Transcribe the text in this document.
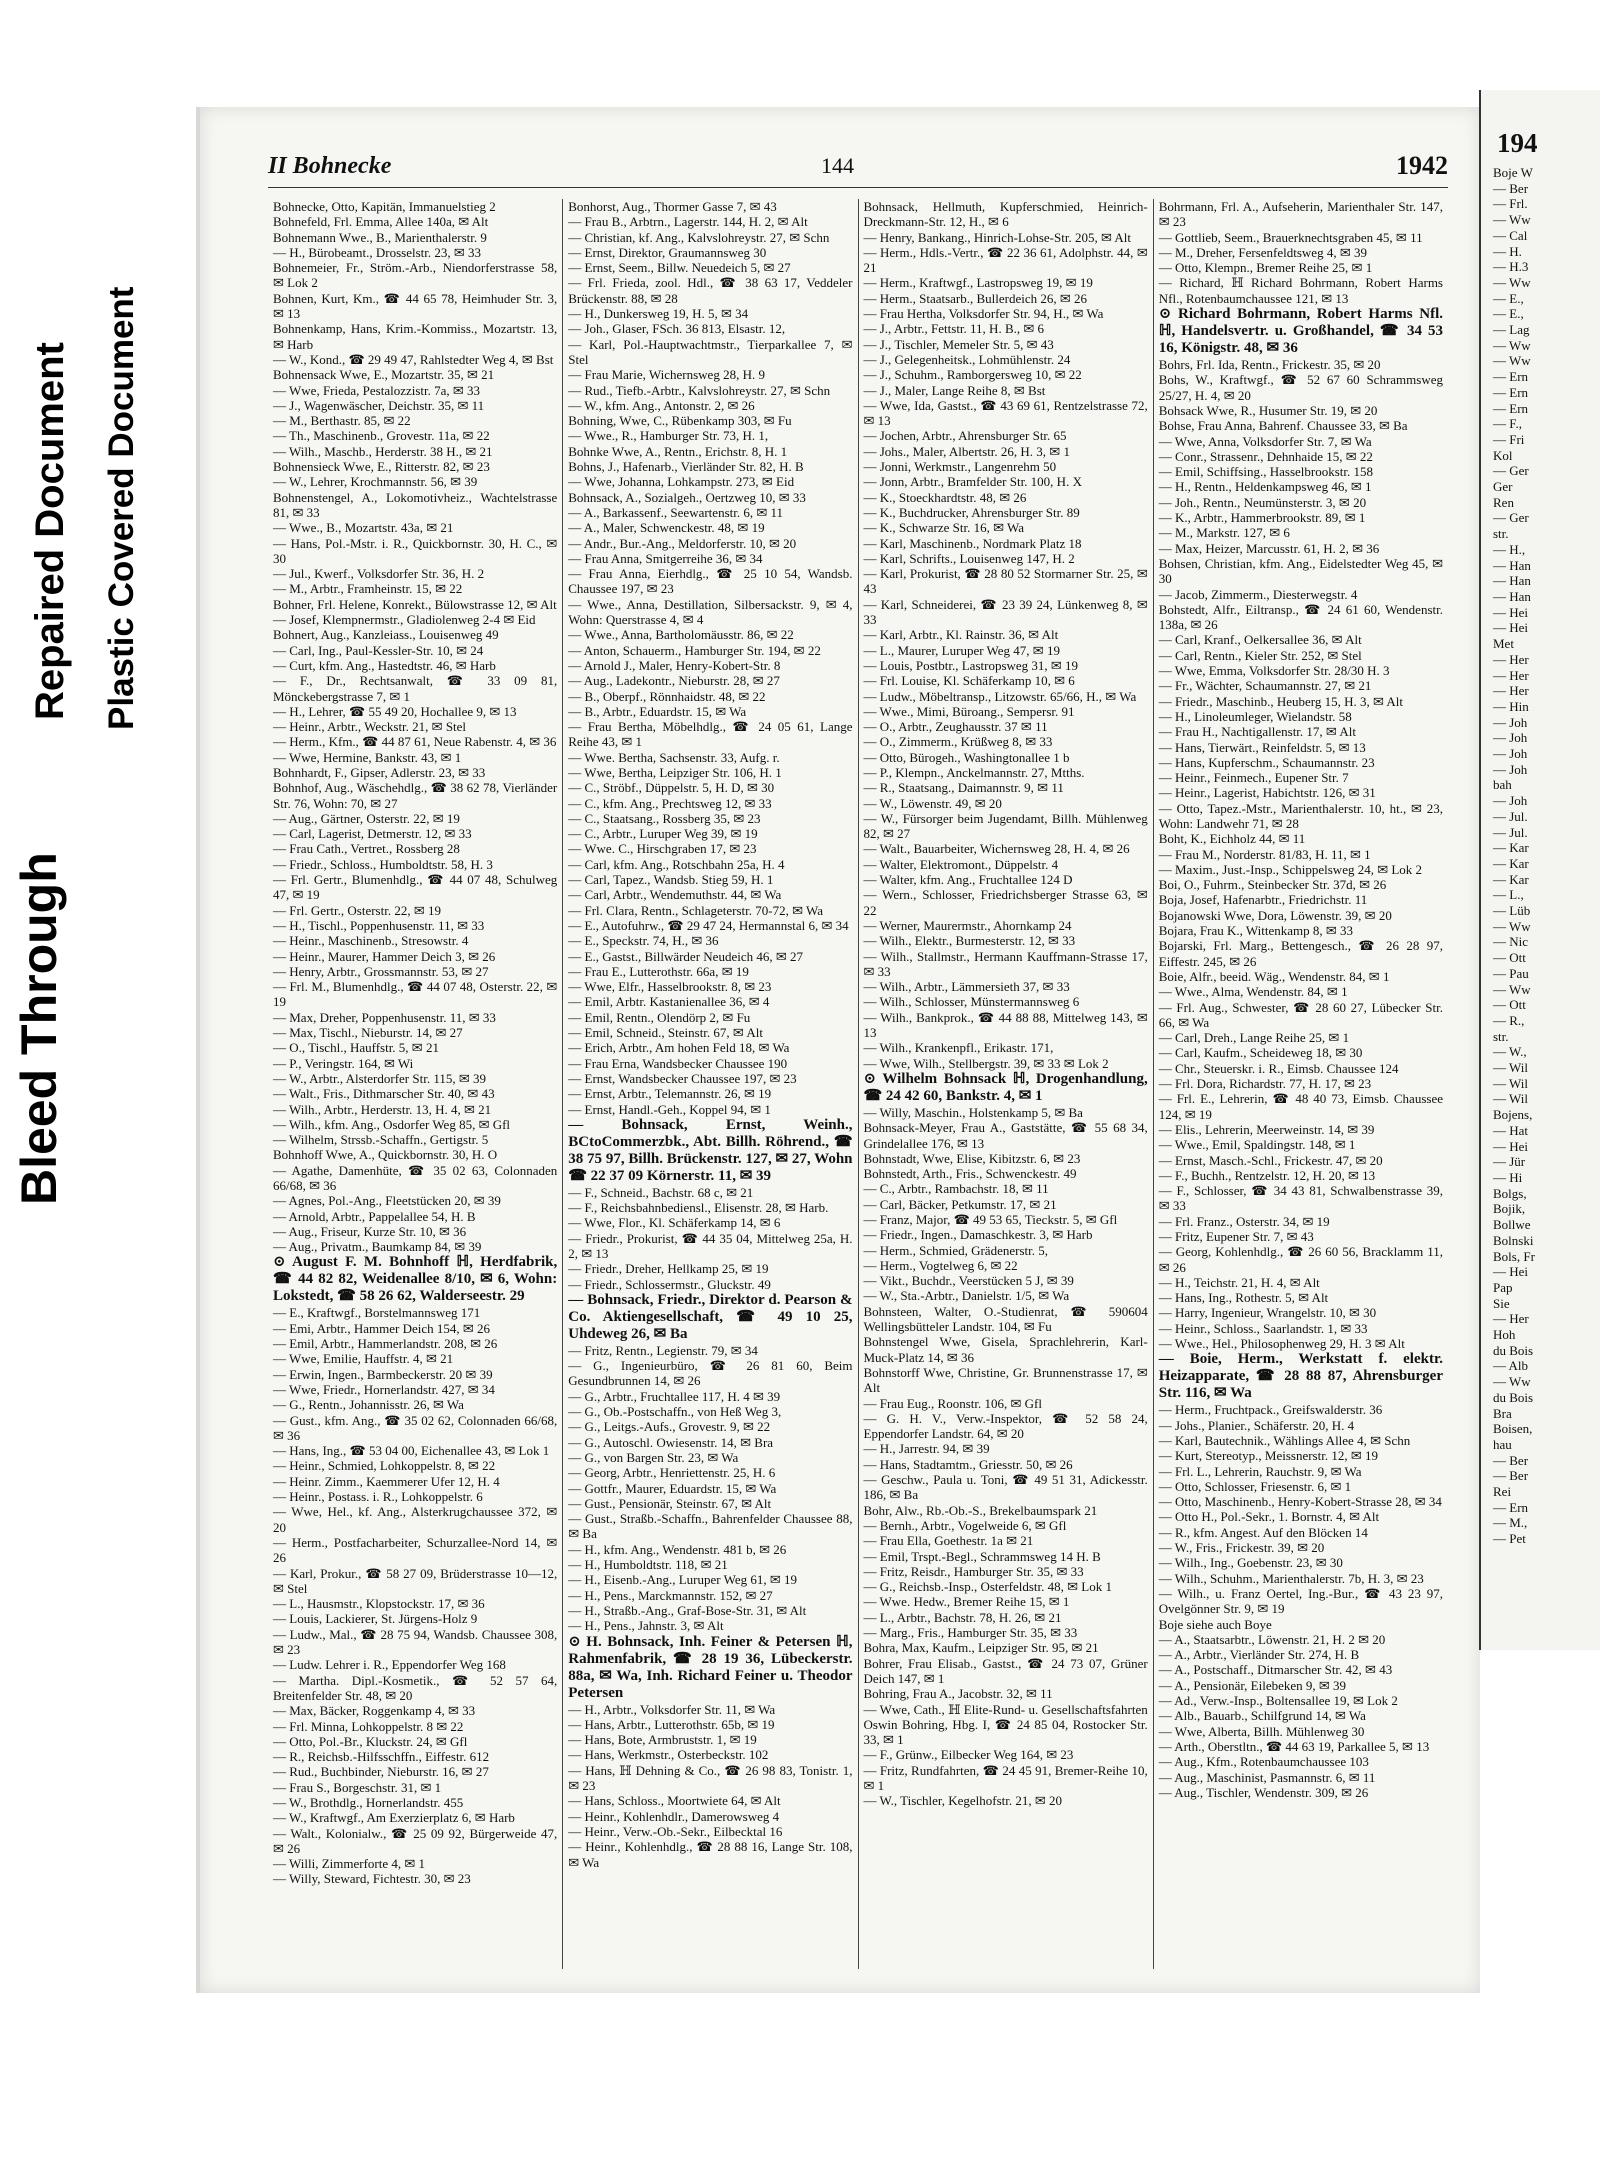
Bleed Through
Repaired Document Plastic Covered Document
II Bohnecke	144	1942

Bohnecke, Otto, Kapitän, Immanuelstieg 2

Bohnefeld, Frl. Emma, Allee 140a, ✉ Alt

Bohnemann Wwe., B., Marienthalerstr. 9

— H., Bürobeamt., Drosselstr. 23, ✉ 33

Bohnemeier, Fr., Ström.-Arb., Niendorferstrasse 58, ✉ Lok 2

Bohnen, Kurt, Km., ☎ 44 65 78, Heimhuder Str. 3, ✉ 13

Bohnenkamp, Hans, Krim.-Kommiss., Mozartstr. 13, ✉ Harb

— W., Kond., ☎ 29 49 47, Rahlstedter Weg 4, ✉ Bst

Bohnensack Wwe, E., Mozartstr. 35, ✉ 21

— Wwe, Frieda, Pestalozzistr. 7a, ✉ 33

— J., Wagenwäscher, Deichstr. 35, ✉ 11

— M., Berthastr. 85, ✉ 22

— Th., Maschinenb., Grovestr. 11a, ✉ 22

— Wilh., Maschb., Herderstr. 38 H., ✉ 21

Bohnensieck Wwe, E., Ritterstr. 82, ✉ 23

— W., Lehrer, Krochmannstr. 56, ✉ 39

Bohnenstengel, A., Lokomotivheiz., Wachtelstrasse 81, ✉ 33

— Wwe., B., Mozartstr. 43a, ✉ 21

— Hans, Pol.-Mstr. i. R., Quickbornstr. 30, H. C., ✉ 30

— Jul., Kwerf., Volksdorfer Str. 36, H. 2

— M., Arbtr., Framheinstr. 15, ✉ 22

Bohner, Frl. Helene, Konrekt., Bülowstrasse 12, ✉ Alt

— Josef, Klempnermstr., Gladiolenweg 2-4 ✉ Eid

Bohnert, Aug., Kanzleiass., Louisenweg 49

— Carl, Ing., Paul-Kessler-Str. 10, ✉ 24

— Curt, kfm. Ang., Hastedtstr. 46, ✉ Harb

— F., Dr., Rechtsanwalt, ☎ 33 09 81, Mönckebergstrasse 7, ✉ 1

— H., Lehrer, ☎ 55 49 20, Hochallee 9, ✉ 13

— Heinr., Arbtr., Weckstr. 21, ✉ Stel

— Herm., Kfm., ☎ 44 87 61, Neue Rabenstr. 4, ✉ 36

— Wwe, Hermine, Bankstr. 43, ✉ 1

Bohnhardt, F., Gipser, Adlerstr. 23, ✉ 33

Bohnhof, Aug., Wäschehdlg., ☎ 38 62 78, Vierländer Str. 76, Wohn: 70, ✉ 27

— Aug., Gärtner, Osterstr. 22, ✉ 19

— Carl, Lagerist, Detmerstr. 12, ✉ 33

— Frau Cath., Vertret., Rossberg 28

— Friedr., Schloss., Humboldtstr. 58, H. 3

— Frl. Gertr., Blumenhdlg., ☎ 44 07 48, Schulweg 47, ✉ 19

— Frl. Gertr., Osterstr. 22, ✉ 19

— H., Tischl., Poppenhusenstr. 11, ✉ 33

— Heinr., Maschinenb., Stresowstr. 4

— Heinr., Maurer, Hammer Deich 3, ✉ 26

— Henry, Arbtr., Grossmannstr. 53, ✉ 27

— Frl. M., Blumenhdlg., ☎ 44 07 48, Osterstr. 22, ✉ 19

— Max, Dreher, Poppenhusenstr. 11, ✉ 33

— Max, Tischl., Nieburstr. 14, ✉ 27

— O., Tischl., Hauffstr. 5, ✉ 21

— P., Veringstr. 164, ✉ Wi

— W., Arbtr., Alsterdorfer Str. 115, ✉ 39

— Walt., Fris., Dithmarscher Str. 40, ✉ 43

— Wilh., Arbtr., Herderstr. 13, H. 4, ✉ 21

— Wilh., kfm. Ang., Osdorfer Weg 85, ✉ Gfl

— Wilhelm, Strssb.-Schaffn., Gertigstr. 5

Bohnhoff Wwe, A., Quickbornstr. 30, H. O

— Agathe, Damenhüte, ☎ 35 02 63, Colonnaden 66/68, ✉ 36

— Agnes, Pol.-Ang., Fleetstücken 20, ✉ 39

— Arnold, Arbtr., Pappelallee 54, H. B

— Aug., Friseur, Kurze Str. 10, ✉ 36

— Aug., Privatm., Baumkamp 84, ✉ 39

⊙ August F. M. Bohnhoff ℍ, Herdfabrik, ☎ 44 82 82, Weidenallee 8/10, ✉ 6, Wohn: Lokstedt, ☎ 58 26 62, Walderseestr. 29

— E., Kraftwgf., Borstelmannsweg 171

— Emi, Arbtr., Hammer Deich 154, ✉ 26

— Emil, Arbtr., Hammerlandstr. 208, ✉ 26

— Wwe, Emilie, Hauffstr. 4, ✉ 21

— Erwin, Ingen., Barmbeckerstr. 20 ✉ 39

— Wwe, Friedr., Hornerlandstr. 427, ✉ 34

— G., Rentn., Johannisstr. 26, ✉ Wa

— Gust., kfm. Ang., ☎ 35 02 62, Colonnaden 66/68, ✉ 36

— Hans, Ing., ☎ 53 04 00, Eichenallee 43, ✉ Lok 1

— Heinr., Schmied, Lohkoppelstr. 8, ✉ 22

— Heinr. Zimm., Kaemmerer Ufer 12, H. 4

— Heinr., Postass. i. R., Lohkoppelstr. 6

— Wwe, Hel., kf. Ang., Alsterkrugchaussee 372, ✉ 20

— Herm., Postfacharbeiter, Schurzalleе-Nord 14, ✉ 26

— Karl, Prokur., ☎ 58 27 09, Brüderstrasse 10—12, ✉ Stel

— L., Hausmstr., Klopstockstr. 17, ✉ 36

— Louis, Lackierer, St. Jürgens-Holz 9

— Ludw., Mal., ☎ 28 75 94, Wandsb. Chaussee 308, ✉ 23

— Ludw. Lehrer i. R., Eppendorfer Weg 168

— Martha. Dipl.-Kosmetik., ☎ 52 57 64, Breitenfelder Str. 48, ✉ 20

— Max, Bäcker, Roggenkamp 4, ✉ 33

— Frl. Minna, Lohkoppelstr. 8 ✉ 22

— Otto, Pol.-Br., Kluckstr. 24, ✉ Gfl

— R., Reichsb.-Hilfsschffn., Eiffestr. 612

— Rud., Buchbinder, Nieburstr. 16, ✉ 27

— Frau S., Borgeschstr. 31, ✉ 1

— W., Brothdlg., Hornerlandstr. 455

— W., Kraftwgf., Am Exerzierplatz 6, ✉ Harb

— Walt., Kolonialw., ☎ 25 09 92, Bürgerweide 47, ✉ 26

— Willi, Zimmerforte 4, ✉ 1

— Willy, Steward, Fichtestr. 30, ✉ 23

Bonhorst, Aug., Thormer Gasse 7, ✉ 43

— Frau B., Arbtrn., Lagerstr. 144, H. 2, ✉ Alt

— Christian, kf. Ang., Kalvslohreystr. 27, ✉ Schn

— Ernst, Direktor, Graumannsweg 30

— Ernst, Seem., Billw. Neuedeich 5, ✉ 27

— Frl. Frieda, zool. Hdl., ☎ 38 63 17, Veddeler Brückenstr. 88, ✉ 28

— H., Dunkersweg 19, H. 5, ✉ 34

— Joh., Glaser, FSch. 36 813, Elsastr. 12,

— Karl, Pol.-Hauptwachtmstr., Tierparkallee 7, ✉ Stel

— Frau Marie, Wichernsweg 28, H. 9

— Rud., Tiefb.-Arbtr., Kalvslohreystr. 27, ✉ Schn

— W., kfm. Ang., Antonstr. 2, ✉ 26

Bohning, Wwe, C., Rübenkamp 303, ✉ Fu

— Wwe., R., Hamburger Str. 73, H. 1,

Bohnke Wwe, A., Rentn., Erichstr. 8, H. 1

Bohns, J., Hafenarb., Vierländer Str. 82, H. B

— Wwe, Johanna, Lohkampstr. 273, ✉ Eid

Bohnsack, A., Sozialgeh., Oertzweg 10, ✉ 33

— A., Barkassenf., Seewartenstr. 6, ✉ 11

— A., Maler, Schwenckestr. 48, ✉ 19

— Andr., Bur.-Ang., Meldorferstr. 10, ✉ 20

— Frau Anna, Smitgerreihe 36, ✉ 34

— Frau Anna, Eierhdlg., ☎ 25 10 54, Wandsb. Chaussee 197, ✉ 23

— Wwe., Anna, Destillation, Silbersackstr. 9, ✉ 4, Wohn: Querstrasse 4, ✉ 4

— Wwe., Anna, Bartholomäusstr. 86, ✉ 22

— Anton, Schauerm., Hamburger Str. 194, ✉ 22

— Arnold J., Maler, Henry-Kobert-Str. 8

— Aug., Ladekontr., Nieburstr. 28, ✉ 27

— B., Oberpf., Rönnhaidstr. 48, ✉ 22

— B., Arbtr., Eduardstr. 15, ✉ Wa

— Frau Bertha, Möbelhdlg., ☎ 24 05 61, Lange Reihe 43, ✉ 1

— Wwe. Bertha, Sachsenstr. 33, Aufg. r.

— Wwe, Bertha, Leipziger Str. 106, H. 1

— C., Ströbf., Düppelstr. 5, H. D, ✉ 30

— C., kfm. Ang., Prechtsweg 12, ✉ 33

— C., Staatsang., Rossberg 35, ✉ 23

— C., Arbtr., Luruper Weg 39, ✉ 19

— Wwe. C., Hirschgraben 17, ✉ 23

— Carl, kfm. Ang., Rotschbahn 25a, H. 4

— Carl, Tapez., Wandsb. Stieg 59, H. 1

— Carl, Arbtr., Wendemuthstr. 44, ✉ Wa

— Frl. Clara, Rentn., Schlageterstr. 70-72, ✉ Wa

— E., Autofuhrw., ☎ 29 47 24, Hermannstal 6, ✉ 34

— E., Speckstr. 74, H., ✉ 36

— E., Gastst., Billwärder Neudeich 46, ✉ 27

— Frau E., Lutterothstr. 66a, ✉ 19

— Wwe, Elfr., Hasselbrookstr. 8, ✉ 23

— Emil, Arbtr. Kastanienallee 36, ✉ 4

— Emil, Rentn., Olendörp 2, ✉ Fu

— Emil, Schneid., Steinstr. 67, ✉ Alt

— Erich, Arbtr., Am hohen Feld 18, ✉ Wa

— Frau Erna, Wandsbecker Chaussee 190

— Ernst, Wandsbecker Chaussee 197, ✉ 23

— Ernst, Arbtr., Telemannstr. 26, ✉ 19

— Ernst, Handl.-Geh., Koppel 94, ✉ 1

— Bohnsack, Ernst, Weinh., BCtoCommerzbk., Abt. Billh. Röhrend., ☎ 38 75 97, Billh. Brückenstr. 127, ✉ 27, Wohn ☎ 22 37 09 Körnerstr. 11, ✉ 39

— F., Schneid., Bachstr. 68 c, ✉ 21

— F., Reichsbahnbediensl., Elisenstr. 28, ✉ Harb.

— Wwe, Flor., Kl. Schäferkamp 14, ✉ 6

— Friedr., Prokurist, ☎ 44 35 04, Mittelweg 25a, H. 2, ✉ 13

— Friedr., Dreher, Hellkamp 25, ✉ 19

— Friedr., Schlossermstr., Gluckstr. 49

— Bohnsack, Friedr., Direktor d. Pearson & Co. Aktiengesellschaft, ☎ 49 10 25, Uhdeweg 26, ✉ Ba

— Fritz, Rentn., Legienstr. 79, ✉ 34

— G., Ingenieurbüro, ☎ 26 81 60, Beim Gesundbrunnen 14, ✉ 26

— G., Arbtr., Fruchtallee 117, H. 4 ✉ 39

— G., Ob.-Postschaffn., von Heß Weg 3,

— G., Leitgs.-Aufs., Grovestr. 9, ✉ 22

— G., Autoschl. Owiesenstr. 14, ✉ Bra

— G., von Bargen Str. 23, ✉ Wa

— Georg, Arbtr., Henriettenstr. 25, H. 6

— Gottfr., Maurer, Eduardstr. 15, ✉ Wa

— Gust., Pensionär, Steinstr. 67, ✉ Alt

— Gust., Straßb.-Schaffn., Bahrenfelder Chaussee 88, ✉ Ba

— H., kfm. Ang., Wendenstr. 481 b, ✉ 26

— H., Humboldtstr. 118, ✉ 21

— H., Eisenb.-Ang., Luruper Weg 61, ✉ 19

— H., Pens., Marckmannstr. 152, ✉ 27

— H., Straßb.-Ang., Graf-Bose-Str. 31, ✉ Alt

— H., Pens., Jahnstr. 3, ✉ Alt

⊙ H. Bohnsack, Inh. Feiner & Petersen ℍ, Rahmenfabrik, ☎ 28 19 36, Lübeckerstr. 88a, ✉ Wa, Inh. Richard Feiner u. Theodor Petersen

— H., Arbtr., Volksdorfer Str. 11, ✉ Wa

— Hans, Arbtr., Lutterothstr. 65b, ✉ 19

— Hans, Bote, Armbruststr. 1, ✉ 19

— Hans, Werkmstr., Osterbeckstr. 102

— Hans, ℍ Dehning & Co., ☎ 26 98 83, Tonistr. 1, ✉ 23

— Hans, Schloss., Moortwiete 64, ✉ Alt

— Heinr., Kohlenhdlr., Damerowsweg 4

— Heinr., Verw.-Ob.-Sekr., Eilbecktal 16

— Heinr., Kohlenhdlg., ☎ 28 88 16, Lange Str. 108, ✉ Wa

Bohnsack, Hellmuth, Kupferschmied, Heinrich-Dreckmann-Str. 12, H., ✉ 6

— Henry, Bankang., Hinrich-Lohse-Str. 205, ✉ Alt

— Herm., Hdls.-Vertr., ☎ 22 36 61, Adolphstr. 44, ✉ 21

— Herm., Kraftwgf., Lastropsweg 19, ✉ 19

— Herm., Staatsarb., Bullerdeich 26, ✉ 26

— Frau Hertha, Volksdorfer Str. 94, H., ✉ Wa

— J., Arbtr., Fettstr. 11, H. B., ✉ 6

— J., Tischler, Memeler Str. 5, ✉ 43

— J., Gelegenheitsk., Lohmühlenstr. 24

— J., Schuhm., Ramborgersweg 10, ✉ 22

— J., Maler, Lange Reihe 8, ✉ Bst

— Wwe, Ida, Gastst., ☎ 43 69 61, Rentzelstrasse 72, ✉ 13

— Jochen, Arbtr., Ahrensburger Str. 65

— Johs., Maler, Albertstr. 26, H. 3, ✉ 1

— Jonni, Werkmstr., Langenrehm 50

— Jonn, Arbtr., Bramfelder Str. 100, H. X

— K., Stoeckhardtstr. 48, ✉ 26

— K., Buchdrucker, Ahrensburger Str. 89

— K., Schwarze Str. 16, ✉ Wa

— Karl, Maschinenb., Nordmark Platz 18

— Karl, Schrifts., Louisenweg 147, H. 2

— Karl, Prokurist, ☎ 28 80 52 Stormarner Str. 25, ✉ 43

— Karl, Schneiderei, ☎ 23 39 24, Lünkenweg 8, ✉ 33

— Karl, Arbtr., Kl. Rainstr. 36, ✉ Alt

— L., Maurer, Luruper Weg 47, ✉ 19

— Louis, Postbtr., Lastropsweg 31, ✉ 19

— Frl. Louise, Kl. Schäferkamp 10, ✉ 6

— Ludw., Möbeltransp., Litzowstr. 65/66, H., ✉ Wa

— Wwe., Mimi, Büroang., Sempersr. 91

— O., Arbtr., Zeughausstr. 37 ✉ 11

— O., Zimmerm., Krüßweg 8, ✉ 33

— Otto, Bürogeh., Washingtonallee 1 b

— P., Klempn., Anckelmannstr. 27, Mtths.

— R., Staatsang., Daimannstr. 9, ✉ 11

— W., Löwenstr. 49, ✉ 20

— W., Fürsorger beim Jugendamt, Billh. Mühlenweg 82, ✉ 27

— Walt., Bauarbeiter, Wichernsweg 28, H. 4, ✉ 26

— Walter, Elektromont., Düppelstr. 4

— Walter, kfm. Ang., Fruchtallee 124 D

— Wern., Schlosser, Friedrichsberger Strasse 63, ✉ 22

— Werner, Maurermstr., Ahornkamp 24

— Wilh., Elektr., Burmesterstr. 12, ✉ 33

— Wilh., Stallmstr., Hermann Kauffmann-Strasse 17, ✉ 33

— Wilh., Arbtr., Lämmersieth 37, ✉ 33

— Wilh., Schlosser, Münstermannsweg 6

— Wilh., Bankprok., ☎ 44 88 88, Mittelweg 143, ✉ 13

— Wilh., Krankenpfl., Erikastr. 171,

— Wwe, Wilh., Stellbergstr. 39, ✉ 33 ✉ Lok 2

⊙ Wilhelm Bohnsack ℍ, Drogenhandlung, ☎ 24 42 60, Bankstr. 4, ✉ 1

— Willy, Maschin., Holstenkamp 5, ✉ Ba

Bohnsack-Meyer, Frau A., Gaststätte, ☎ 55 68 34, Grindelallee 176, ✉ 13

Bohnstadt, Wwe, Elise, Kibitzstr. 6, ✉ 23

Bohnstedt, Arth., Fris., Schwenckestr. 49

— C., Arbtr., Rambachstr. 18, ✉ 11

— Carl, Bäcker, Petkumstr. 17, ✉ 21

— Franz, Major, ☎ 49 53 65, Tieckstr. 5, ✉ Gfl

— Friedr., Ingen., Damaschkestr. 3, ✉ Harb

— Herm., Schmied, Grädenerstr. 5,

— Herm., Vogtelweg 6, ✉ 22

— Vikt., Buchdr., Veerstücken 5 J, ✉ 39

— W., Sta.-Arbtr., Danielstr. 1/5, ✉ Wa

Bohnsteen, Walter, O.-Studienrat, ☎ 590604 Wellingsbütteler Landstr. 104, ✉ Fu

Bohnstengel Wwe, Gisela, Sprachlehrerin, Karl-Muck-Platz 14, ✉ 36

Bohnstorff Wwe, Christine, Gr. Brunnenstrasse 17, ✉ Alt

— Frau Eug., Roonstr. 106, ✉ Gfl

— G. H. V., Verw.-Inspektor, ☎ 52 58 24, Eppendorfer Landstr. 64, ✉ 20

— H., Jarrestr. 94, ✉ 39

— Hans, Stadtamtm., Griesstr. 50, ✉ 26

— Geschw., Paula u. Toni, ☎ 49 51 31, Adickesstr. 186, ✉ Ba

Bohr, Alw., Rb.-Ob.-S., Brekelbaumspark 21

— Bernh., Arbtr., Vogelweide 6, ✉ Gfl

— Frau Ella, Goethestr. 1a ✉ 21

— Emil, Trspt.-Begl., Schrammsweg 14 H. B

— Fritz, Reisdr., Hamburger Str. 35, ✉ 33

— G., Reichsb.-Insp., Osterfeldstr. 48, ✉ Lok 1

— Wwe. Hedw., Bremer Reihe 15, ✉ 1

— L., Arbtr., Bachstr. 78, H. 26, ✉ 21

— Marg., Fris., Hamburger Str. 35, ✉ 33

Bohra, Max, Kaufm., Leipziger Str. 95, ✉ 21

Bohrer, Frau Elisab., Gastst., ☎ 24 73 07, Grüner Deich 147, ✉ 1

Bohring, Frau A., Jacobstr. 32, ✉ 11

— Wwe, Cath., ℍ Elite-Rund- u. Gesellschaftsfahrten Oswin Bohring, Hbg. I, ☎ 24 85 04, Rostocker Str. 33, ✉ 1

— F., Grünw., Eilbecker Weg 164, ✉ 23

— Fritz, Rundfahrten, ☎ 24 45 91, Bremer-Reihe 10, ✉ 1

— W., Tischler, Kegelhofstr. 21, ✉ 20

Bohrmann, Frl. A., Aufseherin, Marienthaler Str. 147, ✉ 23

— Gottlieb, Seem., Brauerknechtsgraben 45, ✉ 11

— M., Dreher, Fersenfeldtsweg 4, ✉ 39

— Otto, Klempn., Bremer Reihe 25, ✉ 1

— Richard, ℍ Richard Bohrmann, Robert Harms Nfl., Rotenbaumchaussee 121, ✉ 13

⊙ Richard Bohrmann, Robert Harms Nfl. ℍ, Handelsvertr. u. Großhandel, ☎ 34 53 16, Königstr. 48, ✉ 36

Bohrs, Frl. Ida, Rentn., Frickestr. 35, ✉ 20

Bohs, W., Kraftwgf., ☎ 52 67 60 Schrammsweg 25/27, H. 4, ✉ 20

Bohsack Wwe, R., Husumer Str. 19, ✉ 20

Bohse, Frau Anna, Bahrenf. Chaussee 33, ✉ Ba

— Wwe, Anna, Volksdorfer Str. 7, ✉ Wa

— Conr., Strassenr., Dehnhaide 15, ✉ 22

— Emil, Schiffsing., Hasselbrookstr. 158

— H., Rentn., Heldenkampsweg 46, ✉ 1

— Joh., Rentn., Neumünsterstr. 3, ✉ 20

— K., Arbtr., Hammerbrookstr. 89, ✉ 1

— M., Markstr. 127, ✉ 6

— Max, Heizer, Marcusstr. 61, H. 2, ✉ 36

Bohsen, Christian, kfm. Ang., Eidelstedter Weg 45, ✉ 30

— Jacob, Zimmerm., Diesterwegstr. 4

Bohstedt, Alfr., Eiltransp., ☎ 24 61 60, Wendenstr. 138a, ✉ 26

— Carl, Kranf., Oelkersallee 36, ✉ Alt

— Carl, Rentn., Kieler Str. 252, ✉ Stel

— Wwe, Emma, Volksdorfer Str. 28/30 H. 3

— Fr., Wächter, Schaumannstr. 27, ✉ 21

— Friedr., Maschinb., Heuberg 15, H. 3, ✉ Alt

— H., Linoleumleger, Wielandstr. 58

— Frau H., Nachtigallenstr. 17, ✉ Alt

— Hans, Tierwärt., Reinfeldstr. 5, ✉ 13

— Hans, Kupferschm., Schaumannstr. 23

— Heinr., Feinmech., Eupener Str. 7

— Heinr., Lagerist, Habichtstr. 126, ✉ 31

— Otto, Tapez.-Mstr., Marienthalerstr. 10, ht., ✉ 23, Wohn: Landwehr 71, ✉ 28

Boht, K., Eichholz 44, ✉ 11

— Frau M., Norderstr. 81/83, H. 11, ✉ 1

— Maxim., Just.-Insp., Schippelsweg 24, ✉ Lok 2

Boi, O., Fuhrm., Steinbecker Str. 37d, ✉ 26

Boja, Josef, Hafenarbtr., Friedrichstr. 11

Bojanowski Wwe, Dora, Löwenstr. 39, ✉ 20

Bojara, Frau K., Wittenkamp 8, ✉ 33

Bojarski, Frl. Marg., Bettengesch., ☎ 26 28 97, Eiffestr. 245, ✉ 26

Boie, Alfr., beeid. Wäg., Wendenstr. 84, ✉ 1

— Wwe., Alma, Wendenstr. 84, ✉ 1

— Frl. Aug., Schwester, ☎ 28 60 27, Lübecker Str. 66, ✉ Wa

— Carl, Dreh., Lange Reihe 25, ✉ 1

— Carl, Kaufm., Scheideweg 18, ✉ 30

— Chr., Steuerskr. i. R., Eimsb. Chaussee 124

— Frl. Dora, Richardstr. 77, H. 17, ✉ 23

— Frl. E., Lehrerin, ☎ 48 40 73, Eimsb. Chaussee 124, ✉ 19

— Elis., Lehrerin, Meerweinstr. 14, ✉ 39

— Wwe., Emil, Spaldingstr. 148, ✉ 1

— Ernst, Masch.-Schl., Frickestr. 47, ✉ 20

— F., Buchh., Rentzelstr. 12, H. 20, ✉ 13

— F., Schlosser, ☎ 34 43 81, Schwalbenstrasse 39, ✉ 33

— Frl. Franz., Osterstr. 34, ✉ 19

— Fritz, Eupener Str. 7, ✉ 43

— Georg, Kohlenhdlg., ☎ 26 60 56, Bracklamm 11, ✉ 26

— H., Teichstr. 21, H. 4, ✉ Alt

— Hans, Ing., Rothestr. 5, ✉ Alt

— Harry, Ingenieur, Wrangelstr. 10, ✉ 30

— Heinr., Schloss., Saarlandstr. 1, ✉ 33

— Wwe., Hel., Philosophenweg 29, H. 3 ✉ Alt

— Boie, Herm., Werkstatt f. elektr. Heizapparate, ☎ 28 88 87, Ahrensburger Str. 116, ✉ Wa

— Herm., Fruchtpack., Greifswalderstr. 36

— Johs., Planier., Schäferstr. 20, H. 4

— Karl, Bautechnik., Wählings Allee 4, ✉ Schn

— Kurt, Stereotyp., Meissnerstr. 12, ✉ 19

— Frl. L., Lehrerin, Rauchstr. 9, ✉ Wa

— Otto, Schlosser, Friesenstr. 6, ✉ 1

— Otto, Maschinenb., Henry-Kobert-Strasse 28, ✉ 34

— Otto H., Pol.-Sekr., 1. Bornstr. 4, ✉ Alt

— R., kfm. Angest. Auf den Blöcken 14

— W., Fris., Frickestr. 39, ✉ 20

— Wilh., Ing., Goebenstr. 23, ✉ 30

— Wilh., Schuhm., Marienthalerstr. 7b, H. 3, ✉ 23

— Wilh., u. Franz Oertel, Ing.-Bur., ☎ 43 23 97, Ovelgönner Str. 9, ✉ 19

Boje siehe auch Boye

— A., Staatsarbtr., Löwenstr. 21, H. 2 ✉ 20

— A., Arbtr., Vierländer Str. 274, H. B

— A., Postschaff., Ditmarscher Str. 42, ✉ 43

— A., Pensionär, Eilebeken 9, ✉ 39

— Ad., Verw.-Insp., Boltensallee 19, ✉ Lok 2

— Alb., Bauarb., Schilfgrund 14, ✉ Wa

— Wwe, Alberta, Billh. Mühlenweg 30

— Arth., Oberstltn., ☎ 44 63 19, Parkallee 5, ✉ 13

— Aug., Kfm., Rotenbaumchaussee 103

— Aug., Maschinist, Pasmannstr. 6, ✉ 11

— Aug., Tischler, Wendenstr. 309, ✉ 26

194
Boje W
— Ber
— Frl.
— Ww
— Cal
— H.
— H.3
— Ww
— E.,
— E.,
— Lag
— Ww
— Ww
— Ern
— Ern
— Ern
— F.,
— Fri
Kol
— Ger
Ger
Ren
— Ger
str.
— H.,
— Han
— Han
— Han
— Hei
— Hei
Met
— Her
— Her
— Her
— Hin
— Joh
— Joh
— Joh
— Joh
bah
— Joh
— Jul.
— Jul.
— Kar
— Kar
— Kar
— L.,
— Lüb
— Ww
— Nic
— Ott
— Pau
— Ww
— Ott
— R.,
str.
— W.,
— Wil
— Wil
— Wil
Bojens,
— Hat
— Hei
— Jür
— Hi
Bolgs,
Bojik,
Bollwe
Bolnski
Bols, Fr
— Hei
Pap
Sie
— Her
Hoh
du Bois
— Alb
— Ww
du Bois
Bra
Boisen,
hau
— Ber
— Ber
Rei
— Ern
— M.,
— Pet
